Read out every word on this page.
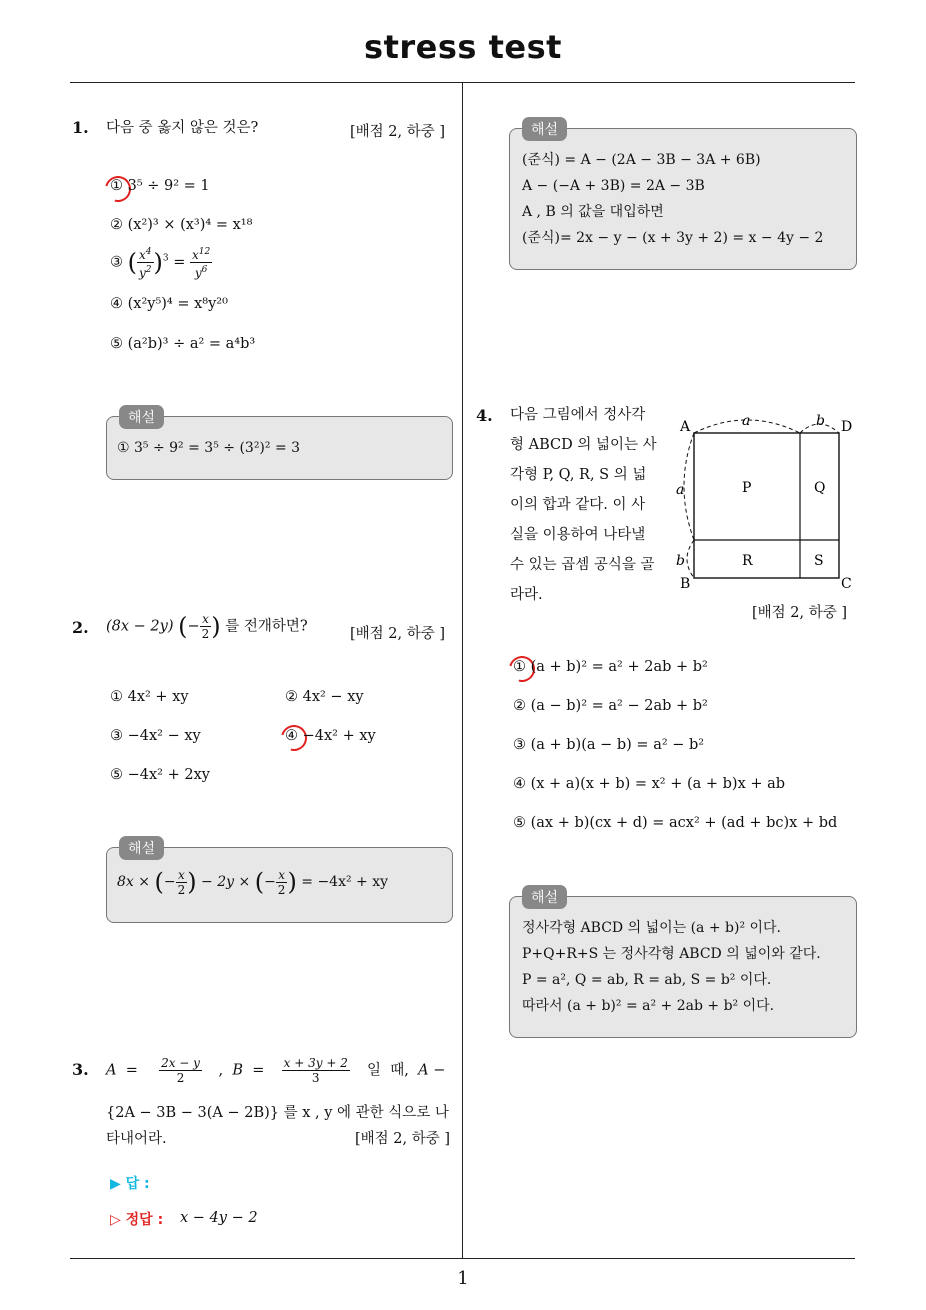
stress test
1
1. 다음 중 옳지 않은 것은?	[배점 2, 하중 ]
① 3⁵ ÷ 9² = 1
② (x²)³ × (x³)⁴ = x¹⁸
③ ( $\frac{x^4}{y^2} )^3 = \frac{x^{12}}{y^6}$
④ (x²y⁵)⁴ = x⁸y²⁰
⑤ (a²b)³ ÷ a² = a⁴b³
① 3⁵ ÷ 9² = 3⁵ ÷ (3²)² = 3
해설
2. (8x − 2y) (− $\frac{x}{2}$ ) 를 전개하면?	[배점 2, 하중 ]
① 4x² + xy	② 4x² − xy
③ −4x² − xy	④ −4x² + xy
⑤ −4x² + 2xy
8x × (− $\frac{x}{2}$ ) − 2y × (− $\frac{x}{2}$ ) = −4x² + xy
해설
3. $A = \frac{2x - y}{2}$ ,  $B = \frac{x + 3y + 2}{3}$ 일  때,  A −
{2A − 3B − 3(A − 2B)} 를 x , y 에 관한 식으로 나
타내어라.	[배점 2, 하중 ]
▶ 답 :
▷ 정답 : x − 4y − 2
(준식) = A − (2A − 3B − 3A + 6B)
A − (−A + 3B) = 2A − 3B
A , B 의 값을 대입하면
(준식)= 2x − y − (x + 3y + 2) = x − 4y − 2
해설
4. 다음 그림에서 정사각
형 ABCD 의 넓이는 사
각형 P, Q, R, S 의 넓
이의 합과 같다. 이 사
실을 이용하여 나타낼
수 있는 곱셈 공식을 골
라라.
A	D
B	C
a	b
a
b
P	Q
R	S
[배점 2, 하중 ]
① (a + b)² = a² + 2ab + b²
② (a − b)² = a² − 2ab + b²
③ (a + b)(a − b) = a² − b²
④ (x + a)(x + b) = x² + (a + b)x + ab
⑤ (ax + b)(cx + d) = acx² + (ad + bc)x + bd
정사각형 ABCD 의 넓이는 (a + b)² 이다.
P+Q+R+S 는 정사각형 ABCD 의 넓이와 같다.
P = a², Q = ab, R = ab, S = b² 이다.
따라서 (a + b)² = a² + 2ab + b² 이다.
해설
